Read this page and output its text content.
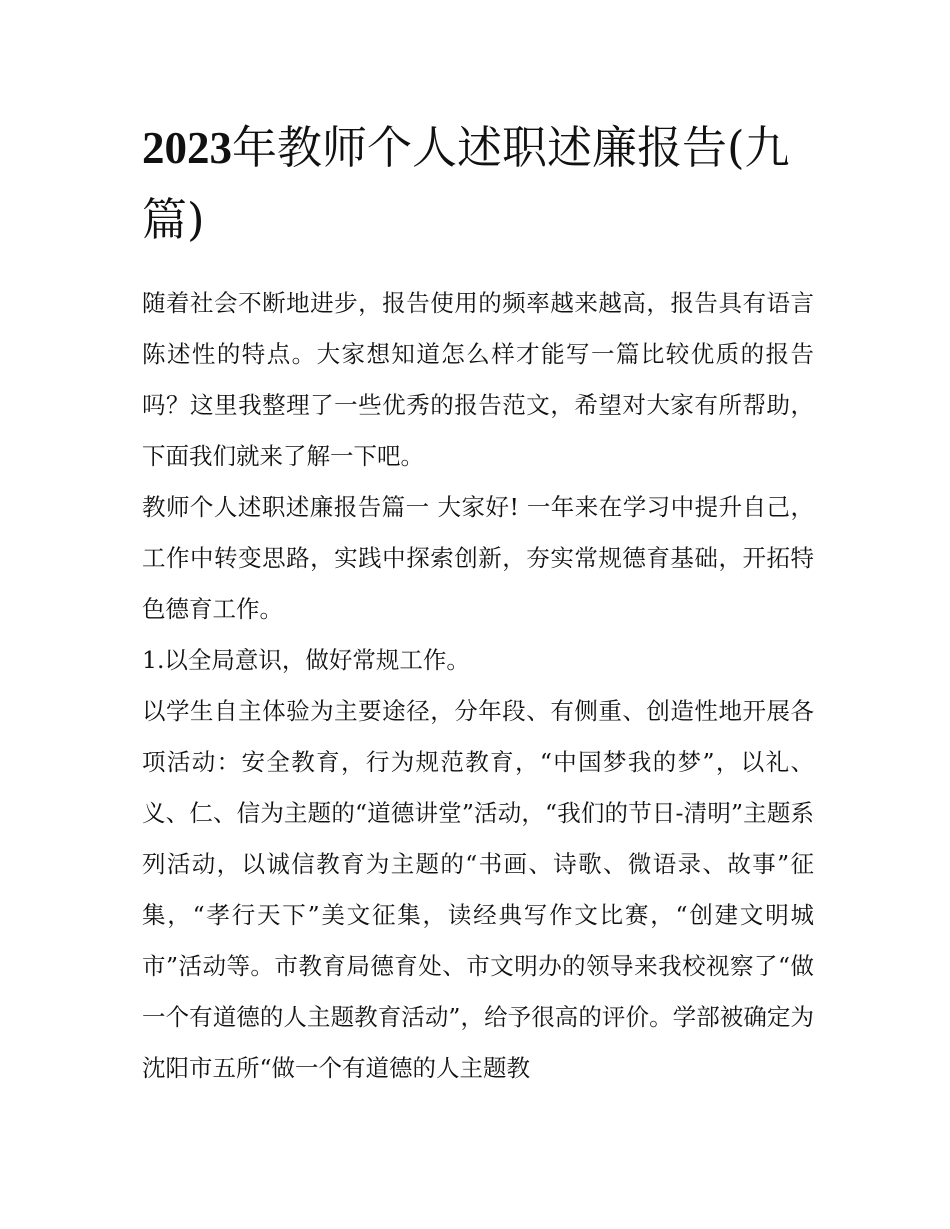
2023年教师个人述职述廉报告(九篇)

随着社会不断地进步，报告使用的频率越来越高，报告具有语言陈述性的特点。大家想知道怎么样才能写一篇比较优质的报告吗？这里我整理了一些优秀的报告范文，希望对大家有所帮助，下面我们就来了解一下吧。

教师个人述职述廉报告篇一 大家好! 一年来在学习中提升自己，工作中转变思路，实践中探索创新，夯实常规德育基础，开拓特色德育工作。

1.以全局意识，做好常规工作。

以学生自主体验为主要途径，分年段、有侧重、创造性地开展各项活动：安全教育，行为规范教育，“中国梦我的梦”，以礼、义、仁、信为主题的“道德讲堂”活动，“我们的节日-清明”主题系列活动，以诚信教育为主题的“书画、诗歌、微语录、故事”征集，“孝行天下”美文征集，读经典写作文比赛，“创建文明城市”活动等。市教育局德育处、市文明办的领导来我校视察了“做一个有道德的人主题教育活动”，给予很高的评价。学部被确定为沈阳市五所“做一个有道德的人主题教
